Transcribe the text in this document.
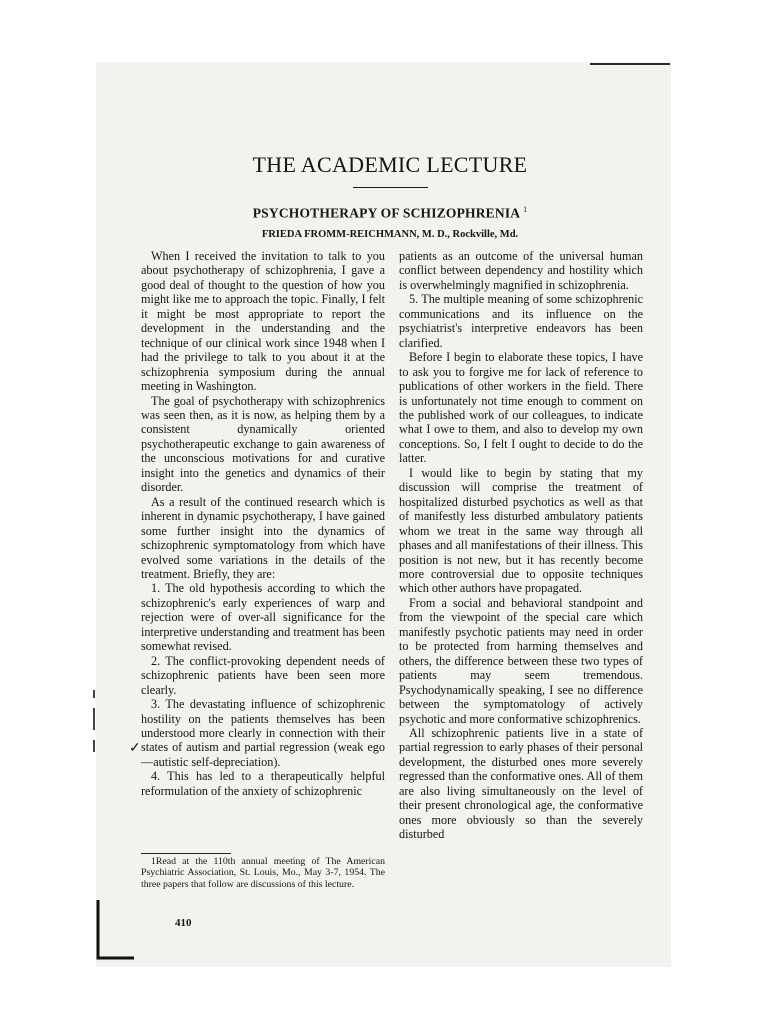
THE ACADEMIC LECTURE
PSYCHOTHERAPY OF SCHIZOPHRENIA $^1$
FRIEDA FROMM-REICHMANN, M. D., Rockville, Md.

When I received the invitation to talk to you about psychotherapy of schizophrenia, I gave a good deal of thought to the question of how you might like me to approach the topic. Finally, I felt it might be most appropriate to report the development in the understanding and the technique of our clinical work since 1948 when I had the privilege to talk to you about it at the schizophrenia symposium during the annual meeting in Washington.

The goal of psychotherapy with schizophrenics was seen then, as it is now, as helping them by a consistent dynamically oriented psychotherapeutic exchange to gain awareness of the unconscious motivations for and curative insight into the genetics and dynamics of their disorder.

As a result of the continued research which is inherent in dynamic psychotherapy, I have gained some further insight into the dynamics of schizophrenic symptomatology from which have evolved some variations in the details of the treatment. Briefly, they are:

1. The old hypothesis according to which the schizophrenic's early experiences of warp and rejection were of over-all significance for the interpretive understanding and treatment has been somewhat revised.

2. The conflict-provoking dependent needs of schizophrenic patients have been seen more clearly.

3. The devastating influence of schizophrenic hostility on the patients themselves has been understood more clearly in connection with their states of autism and partial regression (weak ego—autistic self-depreciation).

4. This has led to a therapeutically helpful reformulation of the anxiety of schizophrenic

patients as an outcome of the universal human conflict between dependency and hostility which is overwhelmingly magnified in schizophrenia.

5. The multiple meaning of some schizophrenic communications and its influence on the psychiatrist's interpretive endeavors has been clarified.

Before I begin to elaborate these topics, I have to ask you to forgive me for lack of reference to publications of other workers in the field. There is unfortunately not time enough to comment on the published work of our colleagues, to indicate what I owe to them, and also to develop my own conceptions. So, I felt I ought to decide to do the latter.

I would like to begin by stating that my discussion will comprise the treatment of hospitalized disturbed psychotics as well as that of manifestly less disturbed ambulatory patients whom we treat in the same way through all phases and all manifestations of their illness. This position is not new, but it has recently become more controversial due to opposite techniques which other authors have propagated.

From a social and behavioral standpoint and from the viewpoint of the special care which manifestly psychotic patients may need in order to be protected from harming themselves and others, the difference between these two types of patients may seem tremendous. Psychodynamically speaking, I see no difference between the symptomatology of actively psychotic and more conformative schizophrenics.

All schizophrenic patients live in a state of partial regression to early phases of their personal development, the disturbed ones more severely regressed than the conformative ones. All of them are also living simultaneously on the level of their present chronological age, the conformative ones more obviously so than the severely disturbed

1Read at the 110th annual meeting of The American Psychiatric Association, St. Louis, Mo., May 3-7, 1954. The three papers that follow are discussions of this lecture.

410
✓
